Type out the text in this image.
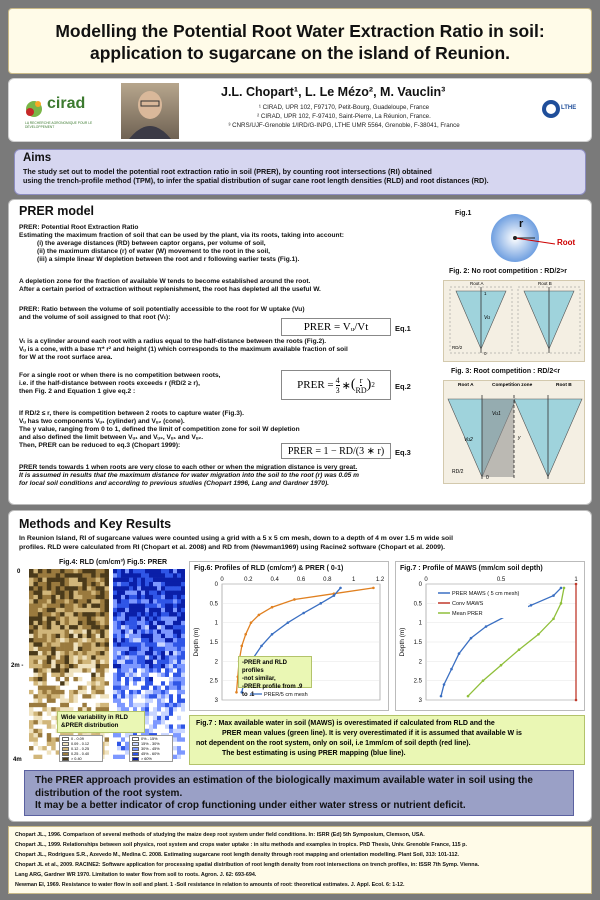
Modelling the Potential Root Water Extraction Ratio in soil:
application to sugarcane on the island of Reunion.
cirad
LA RECHERCHE AGRONOMIQUE POUR LE DÉVELOPPEMENT
J.L. Chopart¹, L. Le Mézo², M. Vauclin³
¹ CIRAD, UPR 102, F97170, Petit-Bourg, Guadeloupe, France
² CIRAD, UPR 102, F-97410, Saint-Pierre, La Réunion, France.
³ CNRS/UJF-Grenoble 1/IRD/G-INPG, LTHE UMR 5564, Grenoble, F-38041, France
LTHE
Aims
The study set out to model the potential root extraction ratio in soil (PRER), by counting root intersections (RI) obtained
using the trench-profile method (TPM), to infer the spatial distribution of sugar cane root length densities (RLD) and root distances (RD).
PRER model
PRER: Potential Root Extraction Ratio
Estimating the maximum fraction of soil that can be used by the plant, via its roots, taking into account:
(i) the average distances (RD) between captor organs, per volume of soil,
(ii) the maximum distance (r) of water (W) movement to the root in the soil,
(iii) a simple linear W depletion between the root and r following earlier tests (Fig.1).
A depletion zone for the fraction of available W tends to become established around the root.
After a certain period of extraction without replenishment, the root has depleted all the useful W.
PRER: Ratio between the volume of soil potentially accessible to the root for W uptake (Vu)
and the volume of soil assigned to that root (Vₜ):
PRER = Vᵤ/Vt	Eq.1
Vₜ is a cylinder around each root with a radius equal to the half-distance between the roots (Fig.2).
Vᵤ is a cone, with a base π* r² and height (1) which corresponds to the maximum available fraction of soil
for W at the root surface area.
For a single root or when there is no competition between roots,
i.e. if the half-distance between roots exceeds r (RD/2 ≥ r),
then Fig. 2 and Equation 1 give eq.2 :
PRER = $\frac{4}{3}$ ∗ ( $\frac{r}{RD}$ ) 2	Eq.2
If RD/2 ≤ r, there is competition between 2 roots to capture water (Fig.3).
Vᵤ has two components Vᵤ₁ (cylinder) and Vᵤ₂ (cone).
The y value, ranging from 0 to 1, defined the limit of competition zone for soil W depletion
and also defined the limit between Vᵤ₁ and Vᵤ₂, Vᵤ₁ and Vᵤ₂.
Then, PRER can be reduced to eq.3 (Chopart 1999):	PRER = 1 − RD/(3 ∗ r)	Eq.3
PRER tends towards 1 when roots are very close to each other or when the migration distance is very great.
It is assumed in results that the maximum distance for water migration into the soil to the root (r) was 0.05 m
for local soil conditions and according to previous studies (Chopart 1996, Lang and Gardner 1970).
Fig.1
r
Root
Fig. 2: No root competition : RD/2>r
Root A	Root B
Vu
RD/2
0
1
Fig. 3: Root competition : RD/2<r
Root A	Competition zone	Root B
Vu1
Vu2	y
RD/2
0
Methods and Key Results
In Reunion Island, RI of sugarcane values were counted using a grid with a 5 x 5 cm mesh, down to a depth of 4 m over 1.5 m wide soil
profiles. RLD were calculated from RI (Chopart et al. 2008) and RD from (Newman1969) using Racine2 software (Chopart et al. 2009).
Fig.4: RLD (cm/cm³) Fig.5: PRER
0
2m -
4m
Wide variability in RLD
&PRER distribution
0 - 0.09
0.09 - 0.12
0.12 - 0.25
0.25 - 0.40
> 0.40
0% - 15%
15% - 30%
30% - 45%
45% - 60%
> 60%
Fig.6: Profiles of RLD (cm/cm³) & PRER ( 0-1)
0	0.2	0.4	0.6	0.8	1	1.2
0
0.5
1
1.5
2
2.5
3
Depth (m)
PRER/5 cm mesh
-PRER and RLD profiles
-not similar,
-PRER profile from .9 to .1
Fig.7 : Profile of MAWS (mm/cm soil depth)
0	0.5	1
0
0.5
1
1.5
2
2.5
3
Depth (m)
PRER MAWS ( 5 cm mesh)
Conv MAWS
Mean PRER
Fig.7 : Max available water in soil (MAWS) is overestimated if calculated from RLD and the
PRER mean values (green line). It is very overestimated if it is assumed that available W is
not dependent on the root system, only on soil, i.e 1mm/cm of soil depth (red line).
The best estimating is using PRER mapping (blue line).
The PRER approach provides an estimation of the biologically maximum available water in soil using the
distribution of the root system.
It may be a better indicator of crop functioning under either water stress or nutrient deficit.
Chopart JL., 1996. Comparison of several methods of studying the maize deep root system under field conditions. In: ISRR (Ed) 5th Symposium, Clemson, USA.
Chopart JL., 1999. Relationships between soil physics, root system and crops water uptake : in situ methods and examples in tropics. PhD Thesis, Univ. Grenoble France, 115 p.
Chopart JL., Rodrigues S.R., Azevedo M., Medina C. 2008. Estimating sugarcane root length density through root mapping and orientation modelling. Plant Soil, 313: 101-112.
Chopart JL et al., 2009. RACINE2: Software application for processing spatial distribution of root length density from root intersections on trench profiles, in: ISSR 7th Symp. Vienna.
Lang ARG, Gardner WR 1970. Limitation to water flow from soil to roots. Agron. J. 62: 693-694.
Newman EI, 1969. Resistance to water flow in soil and plant. 1 -Soil resistance in relation to amounts of root: theoretical estimates. J. Appl. Ecol. 6: 1-12.
